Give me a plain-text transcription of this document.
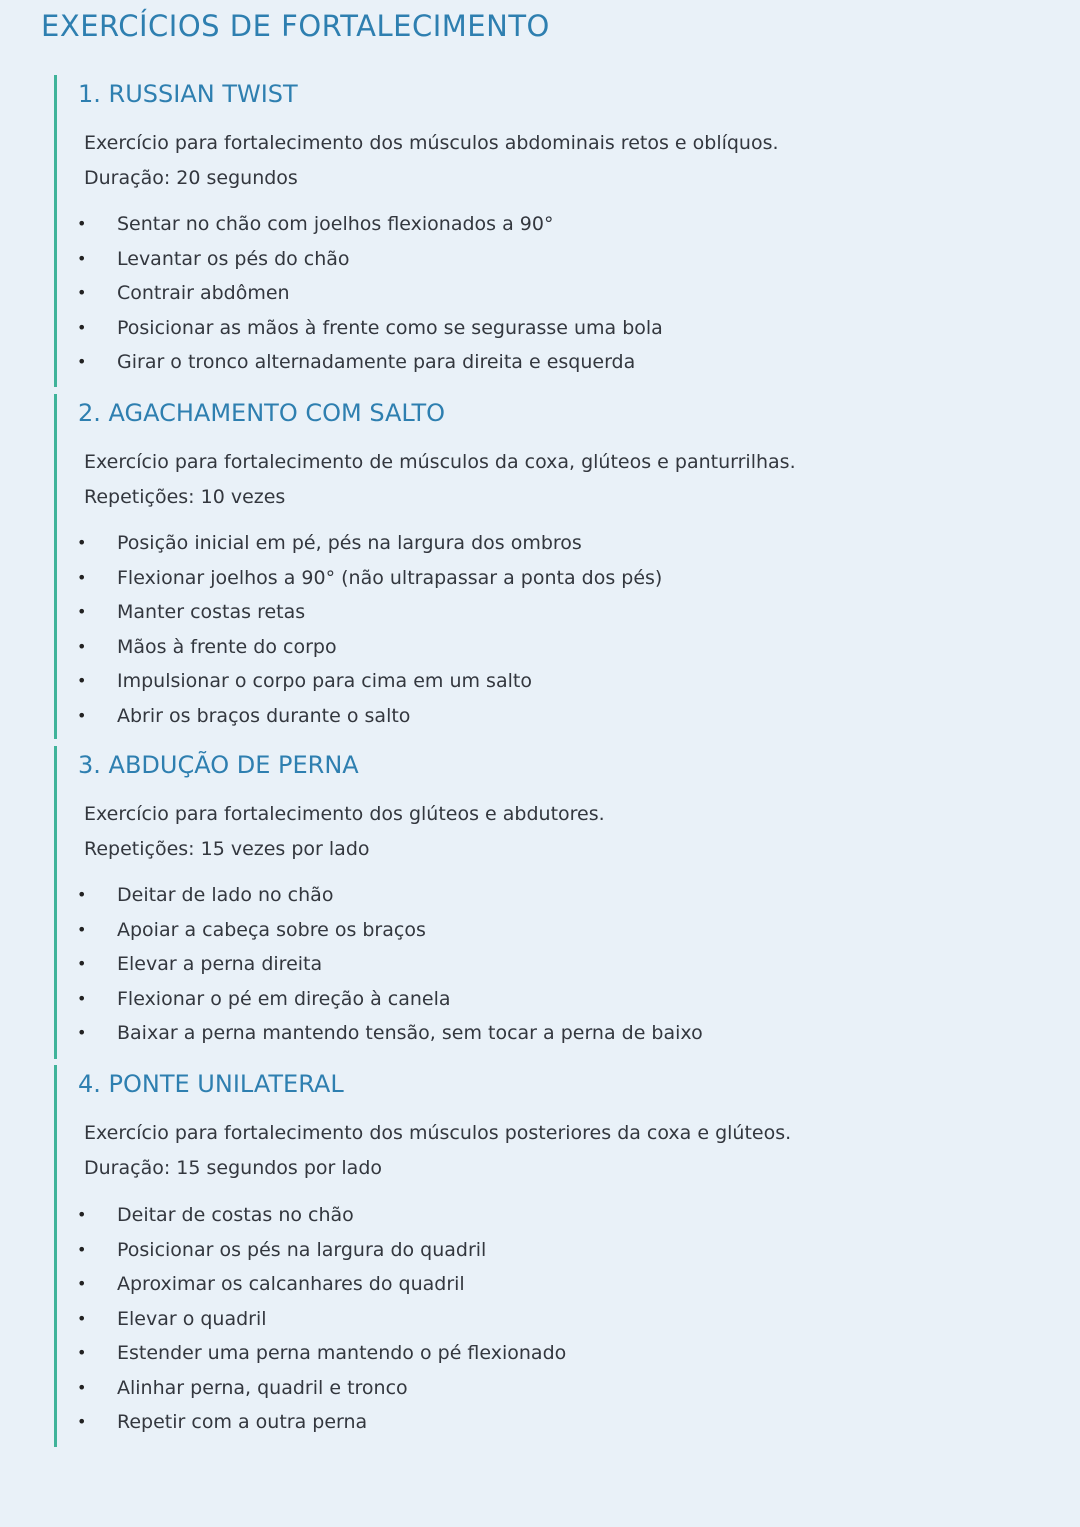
EXERCÍCIOS DE FORTALECIMENTO
1. RUSSIAN TWIST

Exercício para fortalecimento dos músculos abdominais retos e oblíquos.

Duração: 20 segundos

• Sentar no chão com joelhos flexionados a 90°
• Levantar os pés do chão
• Contrair abdômen
• Posicionar as mãos à frente como se segurasse uma bola
• Girar o tronco alternadamente para direita e esquerda
2. AGACHAMENTO COM SALTO

Exercício para fortalecimento de músculos da coxa, glúteos e panturrilhas.

Repetições: 10 vezes

• Posição inicial em pé, pés na largura dos ombros
• Flexionar joelhos a 90° (não ultrapassar a ponta dos pés)
• Manter costas retas
• Mãos à frente do corpo
• Impulsionar o corpo para cima em um salto
• Abrir os braços durante o salto
3. ABDUÇÃO DE PERNA

Exercício para fortalecimento dos glúteos e abdutores.

Repetições: 15 vezes por lado

• Deitar de lado no chão
• Apoiar a cabeça sobre os braços
• Elevar a perna direita
• Flexionar o pé em direção à canela
• Baixar a perna mantendo tensão, sem tocar a perna de baixo
4. PONTE UNILATERAL

Exercício para fortalecimento dos músculos posteriores da coxa e glúteos.

Duração: 15 segundos por lado

• Deitar de costas no chão
• Posicionar os pés na largura do quadril
• Aproximar os calcanhares do quadril
• Elevar o quadril
• Estender uma perna mantendo o pé flexionado
• Alinhar perna, quadril e tronco
• Repetir com a outra perna
